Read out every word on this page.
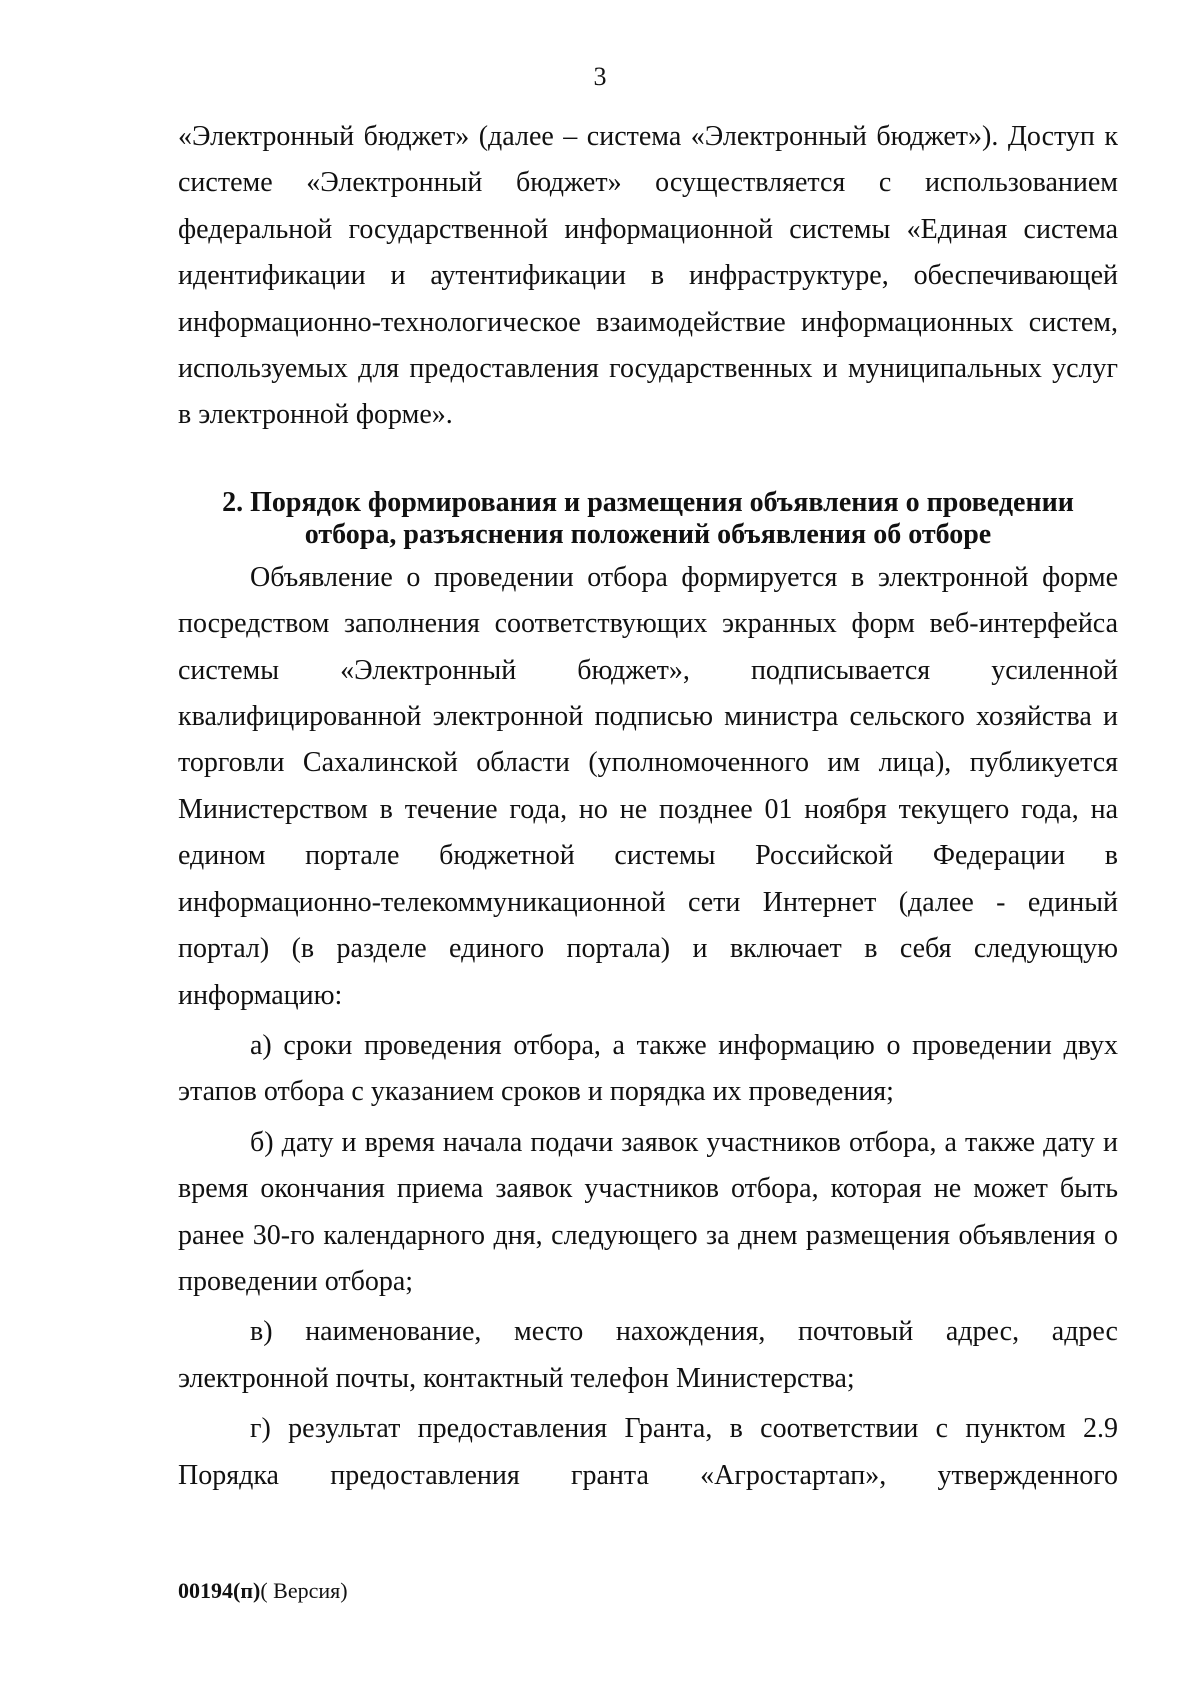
3

«Электронный бюджет» (далее – система «Электронный бюджет»). Доступ к системе «Электронный бюджет» осуществляется с использованием федеральной государственной информационной системы «Единая система идентификации и аутентификации в инфраструктуре, обеспечивающей информационно-технологическое взаимодействие информационных систем, используемых для предоставления государственных и муниципальных услуг в электронной форме».

2. Порядок формирования и размещения объявления о проведении
отбора, разъяснения положений объявления об отборе

Объявление о проведении отбора формируется в электронной форме посредством заполнения соответствующих экранных форм веб-интерфейса системы «Электронный бюджет», подписывается усиленной квалифицированной электронной подписью министра сельского хозяйства и торговли Сахалинской области (уполномоченного им лица), публикуется Министерством в течение года, но не позднее 01 ноября текущего года, на едином портале бюджетной системы Российской Федерации в информационно-телекоммуникационной сети Интернет (далее - единый портал) (в разделе единого портала) и включает в себя следующую информацию:

а) сроки проведения отбора, а также информацию о проведении двух этапов отбора с указанием сроков и порядка их проведения;

б) дату и время начала подачи заявок участников отбора, а также дату и время окончания приема заявок участников отбора, которая не может быть ранее 30-го календарного дня, следующего за днем размещения объявления о проведении отбора;

в) наименование, место нахождения, почтовый адрес, адрес электронной почты, контактный телефон Министерства;

г) результат предоставления Гранта, в соответствии с пунктом 2.9 Порядка предоставления гранта «Агростартап», утвержденного

00194(п)( Версия)
